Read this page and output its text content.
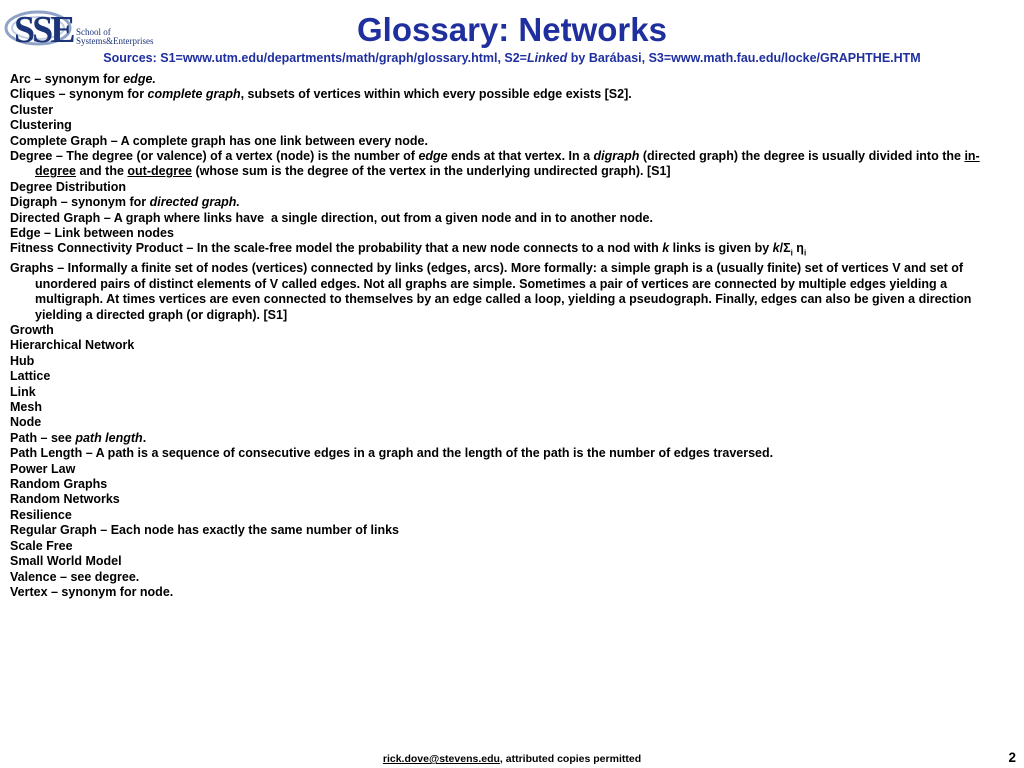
SSE School of
Systems&Enterprises	Glossary: Networks
Sources: S1=www.utm.edu/departments/math/graph/glossary.html, S2=Linked by Barábasi, S3=www.math.fau.edu/locke/GRAPHTHE.HTM
Arc – synonym for edge.
Cliques – synonym for complete graph, subsets of vertices within which every possible edge exists [S2].
Cluster
Clustering
Complete Graph – A complete graph has one link between every node.
Degree – The degree (or valence) of a vertex (node) is the number of edge ends at that vertex. In a digraph (directed graph) the degree is usually divided into the in-degree and the out-degree (whose sum is the degree of the vertex in the underlying undirected graph). [S1]
Degree Distribution
Digraph – synonym for directed graph.
Directed Graph – A graph where links have  a single direction, out from a given node and in to another node.
Edge – Link between nodes
Fitness Connectivity Product – In the scale-free model the probability that a new node connects to a nod with k links is given by $k/\Sigma_i$ $\eta_i$
Graphs – Informally a finite set of nodes (vertices) connected by links (edges, arcs). More formally: a simple graph is a (usually finite) set of vertices V and set of unordered pairs of distinct elements of V called edges. Not all graphs are simple. Sometimes a pair of vertices are connected by multiple edges yielding a multigraph. At times vertices are even connected to themselves by an edge called a loop, yielding a pseudograph. Finally, edges can also be given a direction yielding a directed graph (or digraph). [S1]
Growth
Hierarchical Network
Hub
Lattice
Link
Mesh
Node
Path – see path length.
Path Length – A path is a sequence of consecutive edges in a graph and the length of the path is the number of edges traversed.
Power Law
Random Graphs
Random Networks
Resilience
Regular Graph – Each node has exactly the same number of links
Scale Free
Small World Model
Valence – see degree.
Vertex – synonym for node.
rick.dove@stevens.edu, attributed copies permitted	2
